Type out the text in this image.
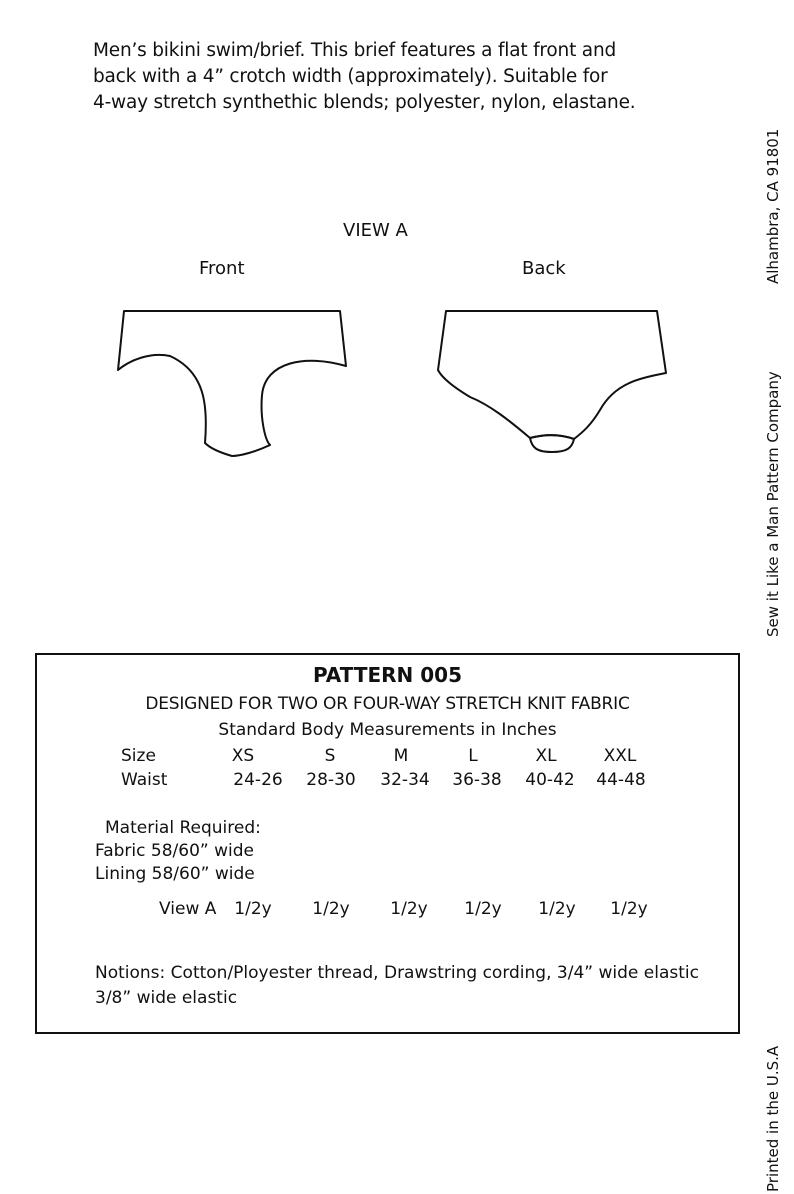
Men’s bikini swim/brief. This brief features a flat front and
back with a 4” crotch width (approximately). Suitable for
4-way stretch synthethic blends; polyester, nylon, elastane.
VIEW A
Front	Back	Alhambra, CA 91801
Sew it Like a Man Pattern Company
Printed in the U.S.A
PATTERN 005
DESIGNED FOR TWO OR FOUR-WAY STRETCH KNIT FABRIC
Standard Body Measurements in Inches
Size	XS	S	M	L	XL	XXL
Waist	24-26 28-30 32-34 36-38 40-42 44-48
Material Required:
Fabric 58/60” wide
Lining 58/60” wide
View A 1/2y 1/2y 1/2y 1/2y 1/2y 1/2y
Notions: Cotton/Ployester thread, Drawstring cording, 3/4” wide elastic
3/8” wide elastic
